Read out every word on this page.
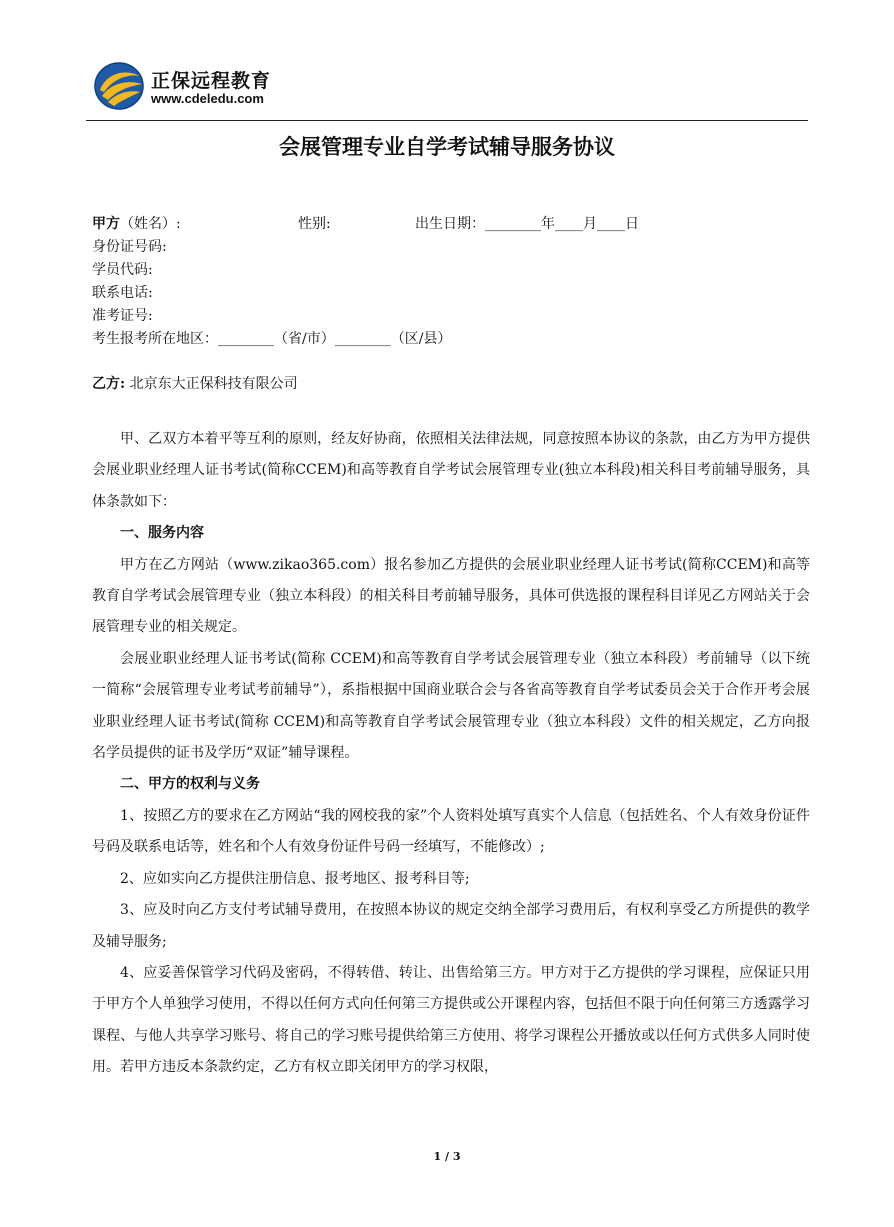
正保远程教育
www.cdeledu.com
会展管理专业自学考试辅导服务协议
甲方（姓名）:	性别:	出生日期：________年____月____日
身份证号码:
学员代码:
联系电话:
准考证号:
考生报考所在地区：________（省/市）________（区/县）
乙方: 北京东大正保科技有限公司

甲、乙双方本着平等互利的原则，经友好协商，依照相关法律法规，同意按照本协议的条款，由乙方为甲方提供会展业职业经理人证书考试(简称CCEM)和高等教育自学考试会展管理专业(独立本科段)相关科目考前辅导服务，具体条款如下：

一、服务内容

甲方在乙方网站（www.zikao365.com）报名参加乙方提供的会展业职业经理人证书考试(简称CCEM)和高等教育自学考试会展管理专业（独立本科段）的相关科目考前辅导服务，具体可供选报的课程科目详见乙方网站关于会展管理专业的相关规定。

会展业职业经理人证书考试(简称 CCEM)和高等教育自学考试会展管理专业（独立本科段）考前辅导（以下统一简称“会展管理专业考试考前辅导”），系指根据中国商业联合会与各省高等教育自学考试委员会关于合作开考会展业职业经理人证书考试(简称 CCEM)和高等教育自学考试会展管理专业（独立本科段）文件的相关规定，乙方向报名学员提供的证书及学历“双证”辅导课程。

二、甲方的权利与义务

1、按照乙方的要求在乙方网站“我的网校我的家”个人资料处填写真实个人信息（包括姓名、个人有效身份证件号码及联系电话等，姓名和个人有效身份证件号码一经填写，不能修改）;

2、应如实向乙方提供注册信息、报考地区、报考科目等;

3、应及时向乙方支付考试辅导费用，在按照本协议的规定交纳全部学习费用后，有权利享受乙方所提供的教学及辅导服务;

4、应妥善保管学习代码及密码，不得转借、转让、出售给第三方。甲方对于乙方提供的学习课程，应保证只用于甲方个人单独学习使用，不得以任何方式向任何第三方提供或公开课程内容，包括但不限于向任何第三方透露学习课程、与他人共享学习账号、将自己的学习账号提供给第三方使用、将学习课程公开播放或以任何方式供多人同时使用。若甲方违反本条款约定，乙方有权立即关闭甲方的学习权限，

1 / 3
